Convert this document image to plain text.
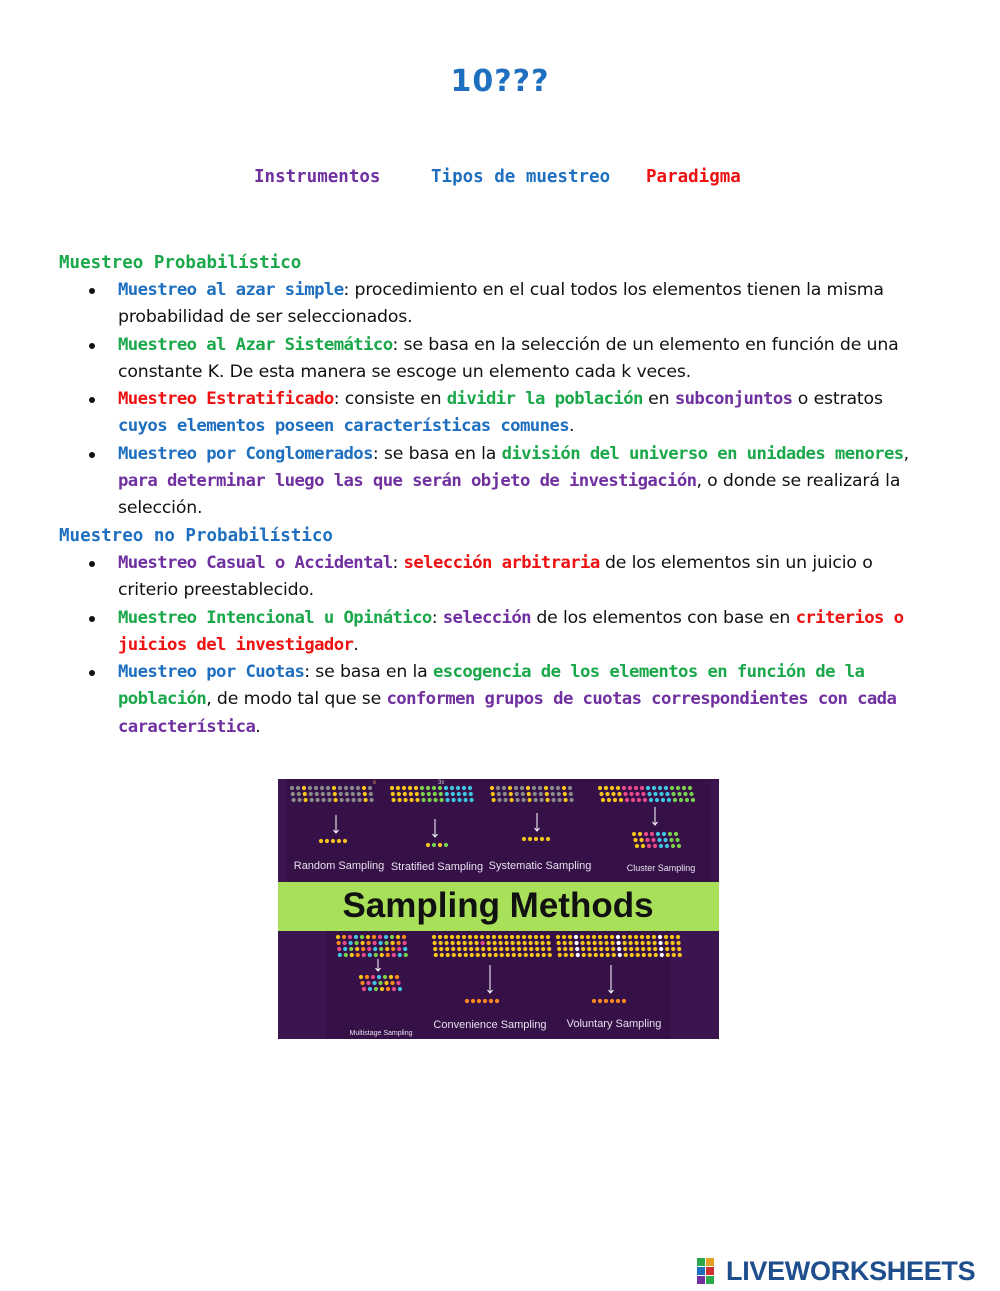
10???
Instrumentos	Tipos de muestreo Paradigma
Muestreo Probabilístico
Muestreo al azar simple: procedimiento en el cual todos los elementos tienen la misma probabilidad de ser seleccionados.
Muestreo al Azar Sistemático: se basa en la selección de un elemento en función de una constante K. De esta manera se escoge un elemento cada k veces.
Muestreo Estratificado: consiste en dividir la población en subconjuntos o estratos cuyos elementos poseen características comunes.
Muestreo por Conglomerados: se basa en la división del universo en unidades menores, para determinar luego las que serán objeto de investigación, o donde se realizará la selección.
Muestreo no Probabilístico
Muestreo Casual o Accidental: selección arbitraria de los elementos sin un juicio o criterio preestablecido.
Muestreo Intencional u Opinático: selección de los elementos con base en criterios o juicios del investigador.
Muestreo por Cuotas: se basa en la escogencia de los elementos en función de la población, de modo tal que se conformen grupos de cuotas correspondientes con cada característica.
Sampling Methods
Random Sampling Stratified Sampling Systematic Sampling	Cluster Sampling
Multistage Sampling
Convenience Sampling Voluntary Sampling
x	3x
LIVEWORKSHEETS
